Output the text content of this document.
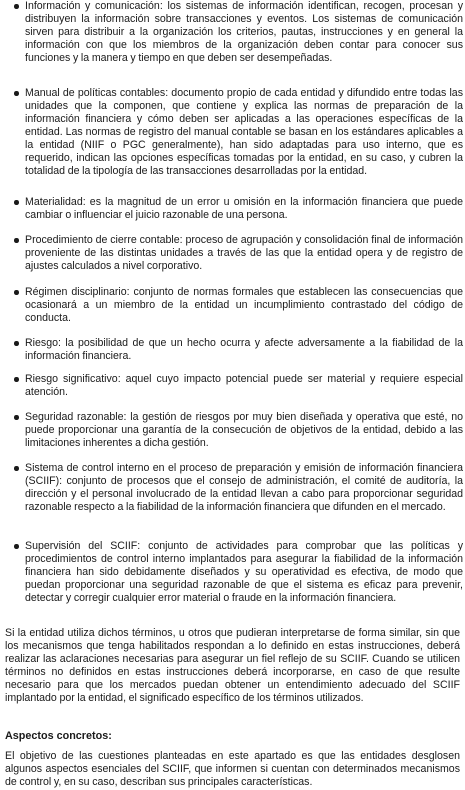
Información y comunicación: los sistemas de información identifican, recogen, procesan y distribuyen la información sobre transacciones y eventos. Los sistemas de comunicación sirven para distribuir a la organización los criterios, pautas, instrucciones y en general la información con que los miembros de la organización deben contar para conocer sus funciones y la manera y tiempo en que deben ser desempeñadas.
Manual de políticas contables: documento propio de cada entidad y difundido entre todas las unidades que la componen, que contiene y explica las normas de preparación de la información financiera y cómo deben ser aplicadas a las operaciones específicas de la entidad. Las normas de registro del manual contable se basan en los estándares aplicables a la entidad (NIIF o PGC generalmente), han sido adaptadas para uso interno, que es requerido, indican las opciones específicas tomadas por la entidad, en su caso, y cubren la totalidad de la tipología de las transacciones desarrolladas por la entidad.
Materialidad: es la magnitud de un error u omisión en la información financiera que puede cambiar o influenciar el juicio razonable de una persona.
Procedimiento de cierre contable: proceso de agrupación y consolidación final de información proveniente de las distintas unidades a través de las que la entidad opera y de registro de ajustes calculados a nivel corporativo.
Régimen disciplinario: conjunto de normas formales que establecen las consecuencias que ocasionará a un miembro de la entidad un incumplimiento contrastado del código de conducta.
Riesgo: la posibilidad de que un hecho ocurra y afecte adversamente a la fiabilidad de la información financiera.
Riesgo significativo: aquel cuyo impacto potencial puede ser material y requiere especial atención.
Seguridad razonable: la gestión de riesgos por muy bien diseñada y operativa que esté, no puede proporcionar una garantía de la consecución de objetivos de la entidad, debido a las limitaciones inherentes a dicha gestión.
Sistema de control interno en el proceso de preparación y emisión de información financiera (SCIIF): conjunto de procesos que el consejo de administración, el comité de auditoría, la dirección y el personal involucrado de la entidad llevan a cabo para proporcionar seguridad razonable respecto a la fiabilidad de la información financiera que difunden en el mercado.
Supervisión del SCIIF: conjunto de actividades para comprobar que las políticas y procedimientos de control interno implantados para asegurar la fiabilidad de la información financiera han sido debidamente diseñados y su operatividad es efectiva, de modo que puedan proporcionar una seguridad razonable de que el sistema es eficaz para prevenir, detectar y corregir cualquier error material o fraude en la información financiera.
Si la entidad utiliza dichos términos, u otros que pudieran interpretarse de forma similar, sin que los mecanismos que tenga habilitados respondan a lo definido en estas instrucciones, deberá realizar las aclaraciones necesarias para asegurar un fiel reflejo de su SCIIF. Cuando se utilicen términos no definidos en estas instrucciones deberá incorporarse, en caso de que resulte necesario para que los mercados puedan obtener un entendimiento adecuado del SCIIF implantado por la entidad, el significado específico de los términos utilizados.
Aspectos concretos:
El objetivo de las cuestiones planteadas en este apartado es que las entidades desglosen algunos aspectos esenciales del SCIIF, que informen si cuentan con determinados mecanismos de control y, en su caso, describan sus principales características.
